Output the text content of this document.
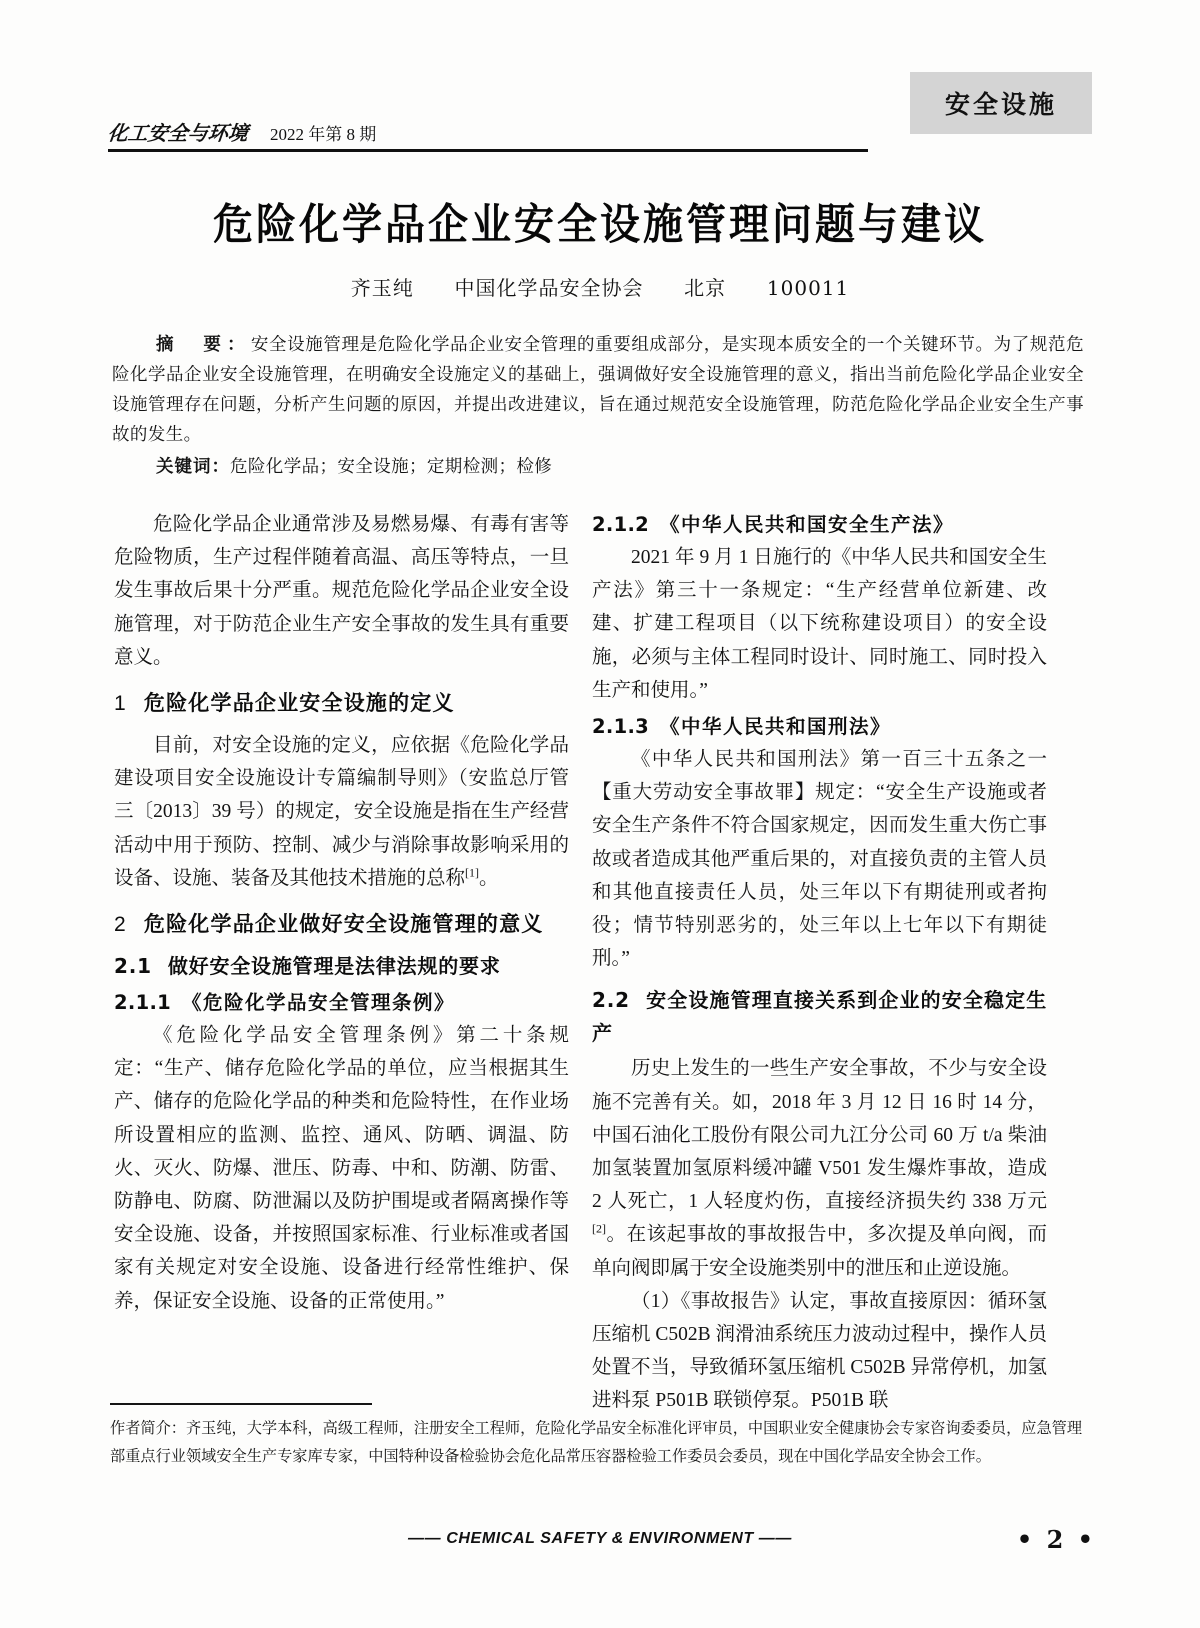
化工安全与环境 2022 年第 8 期
安全设施
危险化学品企业安全设施管理问题与建议
齐玉纯 中国化学品安全协会 北京 100011

摘　要：安全设施管理是危险化学品企业安全管理的重要组成部分，是实现本质安全的一个关键环节。为了规范危险化学品企业安全设施管理，在明确安全设施定义的基础上，强调做好安全设施管理的意义，指出当前危险化学品企业安全设施管理存在问题，分析产生问题的原因，并提出改进建议，旨在通过规范安全设施管理，防范危险化学品企业安全生产事故的发生。

关键词：危险化学品；安全设施；定期检测；检修

危险化学品企业通常涉及易燃易爆、有毒有害等危险物质，生产过程伴随着高温、高压等特点，一旦发生事故后果十分严重。规范危险化学品企业安全设施管理，对于防范企业生产安全事故的发生具有重要意义。

1 危险化学品企业安全设施的定义

目前，对安全设施的定义，应依据《危险化学品建设项目安全设施设计专篇编制导则》（安监总厅管三〔2013〕39 号）的规定，安全设施是指在生产经营活动中用于预防、控制、减少与消除事故影响采用的设备、设施、装备及其他技术措施的总称[1]。

2 危险化学品企业做好安全设施管理的意义
2.1 做好安全设施管理是法律法规的要求
2.1.1 《危险化学品安全管理条例》

《危险化学品安全管理条例》第二十条规定：“生产、储存危险化学品的单位，应当根据其生产、储存的危险化学品的种类和危险特性，在作业场所设置相应的监测、监控、通风、防晒、调温、防火、灭火、防爆、泄压、防毒、中和、防潮、防雷、防静电、防腐、防泄漏以及防护围堤或者隔离操作等安全设施、设备，并按照国家标准、行业标准或者国家有关规定对安全设施、设备进行经常性维护、保养，保证安全设施、设备的正常使用。”

2.1.2 《中华人民共和国安全生产法》

2021 年 9 月 1 日施行的《中华人民共和国安全生产法》第三十一条规定：“生产经营单位新建、改建、扩建工程项目（以下统称建设项目）的安全设施，必须与主体工程同时设计、同时施工、同时投入生产和使用。”

2.1.3 《中华人民共和国刑法》

《中华人民共和国刑法》第一百三十五条之一【重大劳动安全事故罪】规定：“安全生产设施或者安全生产条件不符合国家规定，因而发生重大伤亡事故或者造成其他严重后果的，对直接负责的主管人员和其他直接责任人员，处三年以下有期徒刑或者拘役；情节特别恶劣的，处三年以上七年以下有期徒刑。”

2.2 安全设施管理直接关系到企业的安全稳定生产

历史上发生的一些生产安全事故，不少与安全设施不完善有关。如，2018 年 3 月 12 日 16 时 14 分，中国石油化工股份有限公司九江分公司 60 万 t/a 柴油加氢装置加氢原料缓冲罐 V501 发生爆炸事故，造成 2 人死亡，1 人轻度灼伤，直接经济损失约 338 万元[2]。在该起事故的事故报告中，多次提及单向阀，而单向阀即属于安全设施类别中的泄压和止逆设施。

（1）《事故报告》认定，事故直接原因：循环氢压缩机 C502B 润滑油系统压力波动过程中，操作人员处置不当，导致循环氢压缩机 C502B 异常停机，加氢进料泵 P501B 联锁停泵。P501B 联

作者简介：齐玉纯，大学本科，高级工程师，注册安全工程师，危险化学品安全标准化评审员，中国职业安全健康协会专家咨询委委员，应急管理部重点行业领域安全生产专家库专家，中国特种设备检验协会危化品常压容器检验工作委员会委员，现在中国化学品安全协会工作。
—— CHEMICAL SAFETY & ENVIRONMENT ——	• 2 •
